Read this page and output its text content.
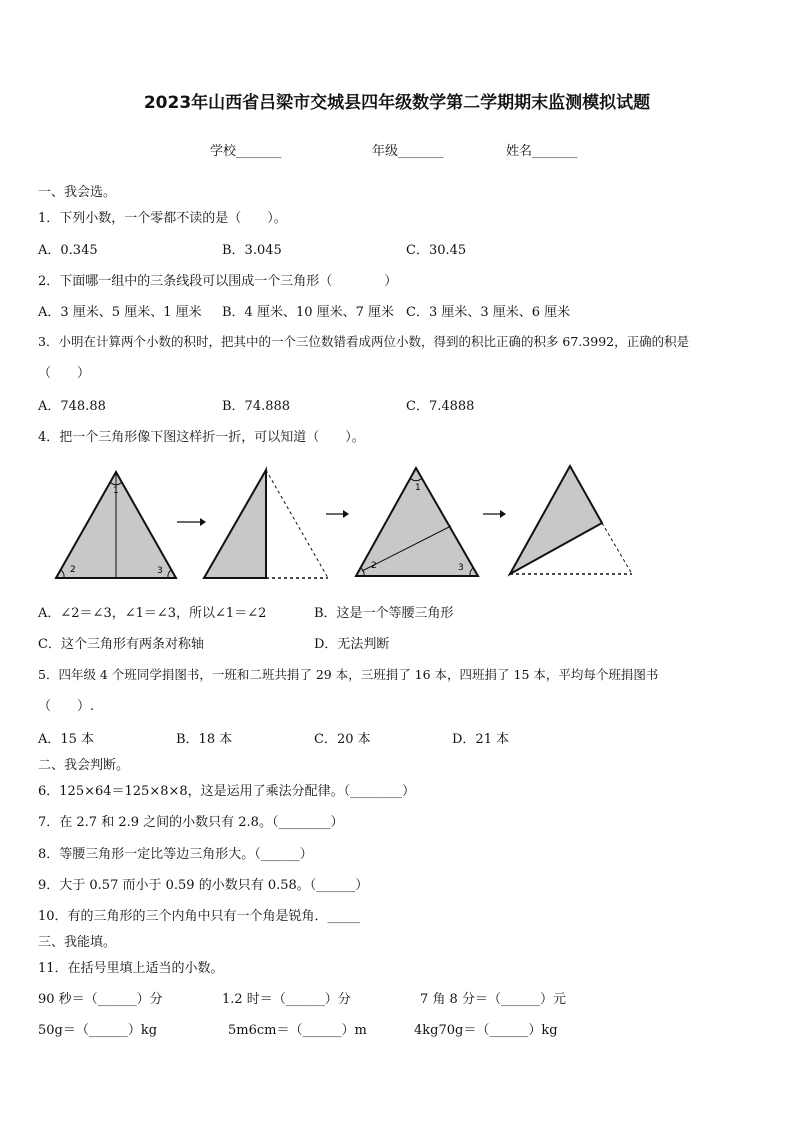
2023年山西省吕梁市交城县四年级数学第二学期期末监测模拟试题
学校_______	年级_______	姓名_______
一、我会选。
1．下列小数，一个零都不读的是（　　）。
A．0.345	B．3.045	C．30.45
2．下面哪一组中的三条线段可以围成一个三角形（　　　　）
A．3 厘米、5 厘米、1 厘米 B．4 厘米、10 厘米、7 厘米 C．3 厘米、3 厘米、6 厘米
3．小明在计算两个小数的积时，把其中的一个三位数错看成两位小数，得到的积比正确的积多 67.3992，正确的积是
（　　）
A．748.88	B．74.888	C．7.4888
4．把一个三角形像下图这样折一折，可以知道（　　）。
1
2	3
1
2	3
A．∠2＝∠3，∠1＝∠3，所以∠1＝∠2	B．这是一个等腰三角形
C．这个三角形有两条对称轴	D．无法判断
5．四年级 4 个班同学捐图书，一班和二班共捐了 29 本，三班捐了 16 本，四班捐了 15 本，平均每个班捐图书
（　　）.
A．15 本	B．18 本	C．20 本	D．21 本
二、我会判断。
6．125×64＝125×8×8，这是运用了乘法分配律。（________）
7．在 2.7 和 2.9 之间的小数只有 2.8。（________）
8．等腰三角形一定比等边三角形大。（______）
9．大于 0.57 而小于 0.59 的小数只有 0.58。（______）
10．有的三角形的三个内角中只有一个角是锐角．_____
三、我能填。
11．在括号里填上适当的小数。
90 秒＝（______）分	1.2 时＝（______）分	7 角 8 分＝（______）元
50g＝（______）kg	5m6cm＝（______）m	4kg70g＝（______）kg
